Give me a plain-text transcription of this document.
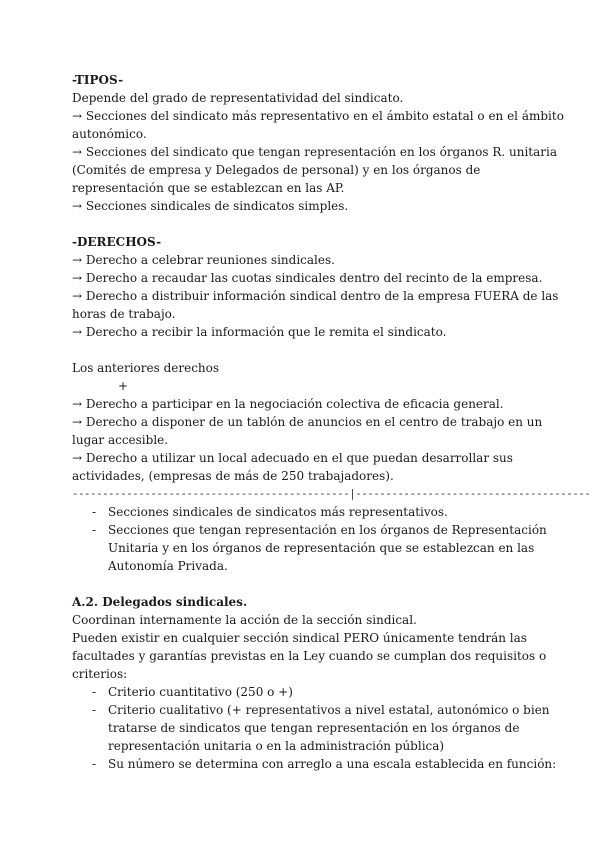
-TIPOS-
Depende del grado de representatividad del sindicato.
→ Secciones del sindicato más representativo en el ámbito estatal o en el ámbito
autonómico.
→ Secciones del sindicato que tengan representación en los órganos R. unitaria
(Comités de empresa y Delegados de personal) y en los órganos de
representación que se establezcan en las AP.
→ Secciones sindicales de sindicatos simples.
-DERECHOS-
→ Derecho a celebrar reuniones sindicales.
→ Derecho a recaudar las cuotas sindicales dentro del recinto de la empresa.
→ Derecho a distribuir información sindical dentro de la empresa FUERA de las
horas de trabajo.
→ Derecho a recibir la información que le remita el sindicato.
Los anteriores derechos
+
→ Derecho a participar en la negociación colectiva de eficacia general.
→ Derecho a disponer de un tablón de anuncios en el centro de trabajo en un
lugar accesible.
→ Derecho a utilizar un local adecuado en el que puedan desarrollar sus
actividades, (empresas de más de 250 trabajadores).
----------------------------------------------|---------------------------------------
- Secciones sindicales de sindicatos más representativos.
- Secciones que tengan representación en los órganos de Representación
Unitaria y en los órganos de representación que se establezcan en las
Autonomía Privada.
A.2. Delegados sindicales.
Coordinan internamente la acción de la sección sindical.
Pueden existir en cualquier sección sindical PERO únicamente tendrán las
facultades y garantías previstas en la Ley cuando se cumplan dos requisitos o
criterios:
- Criterio cuantitativo (250 o +)
- Criterio cualitativo (+ representativos a nivel estatal, autonómico o bien
tratarse de sindicatos que tengan representación en los órganos de
representación unitaria o en la administración pública)
- Su número se determina con arreglo a una escala establecida en función:
